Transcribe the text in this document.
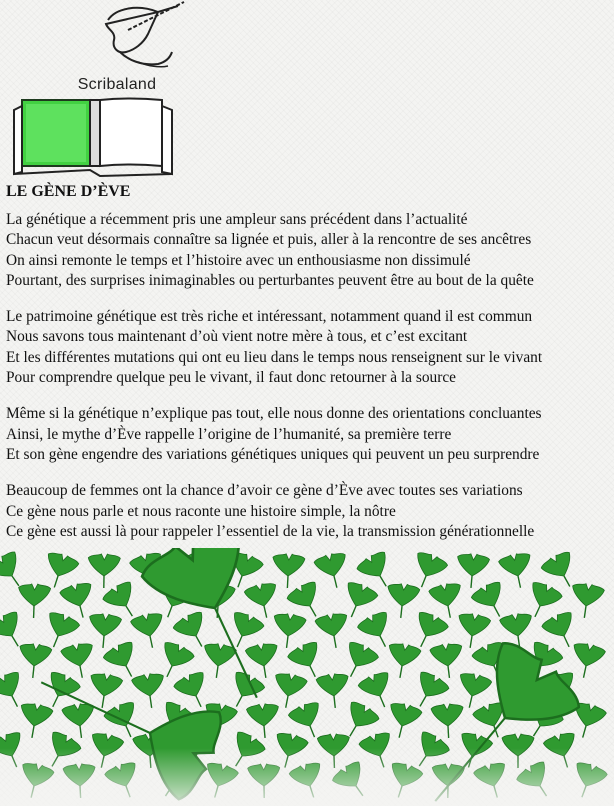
Scribaland
LE GÈNE D’ÈVE
La génétique a récemment pris une ampleur sans précédent dans l’actualité
Chacun veut désormais connaître sa lignée et puis, aller à la rencontre de ses ancêtres
On ainsi remonte le temps et l’histoire avec un enthousiasme non dissimulé
Pourtant, des surprises inimaginables ou perturbantes peuvent être au bout de la quête
Le patrimoine génétique est très riche et intéressant, notamment quand il est commun
Nous savons tous maintenant d’où vient notre mère à tous, et c’est excitant
Et les différentes mutations qui ont eu lieu dans le temps nous renseignent sur le vivant
Pour comprendre quelque peu le vivant, il faut donc retourner à la source
Même si la génétique n’explique pas tout, elle nous donne des orientations concluantes
Ainsi, le mythe d’Ève rappelle l’origine de l’humanité, sa première terre
Et son gène engendre des variations génétiques uniques qui peuvent un peu surprendre
Beaucoup de femmes ont la chance d’avoir ce gène d’Ève avec toutes ses variations
Ce gène nous parle et nous raconte une histoire simple, la nôtre
Ce gène est aussi là pour rappeler l’essentiel de la vie, la transmission générationnelle
